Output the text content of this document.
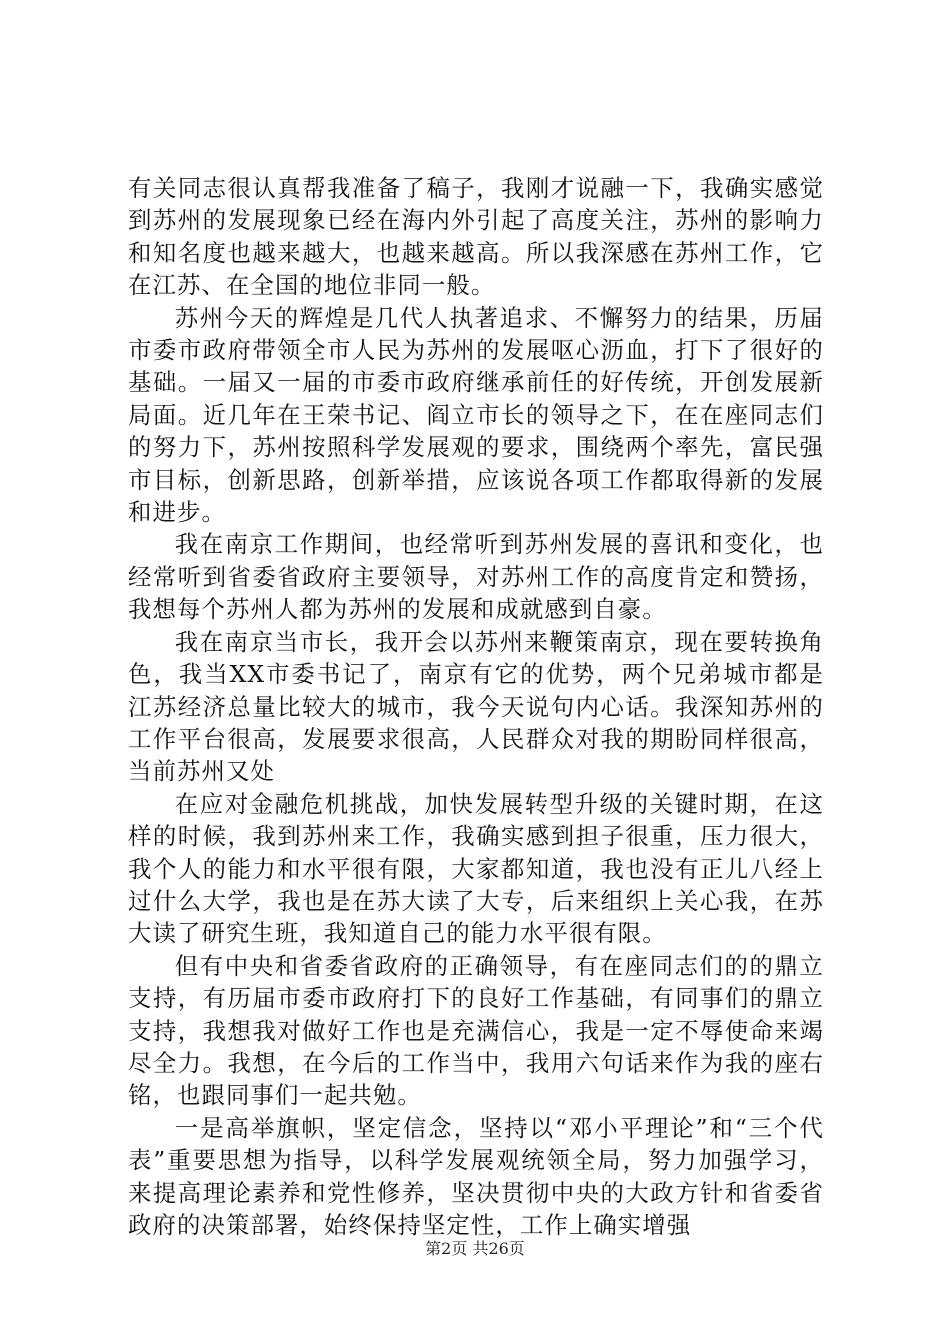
有关同志很认真帮我准备了稿子，我刚才说融一下，我确实感觉到苏州的发展现象已经在海内外引起了高度关注，苏州的影响力和知名度也越来越大，也越来越高。所以我深感在苏州工作，它在江苏、在全国的地位非同一般。

苏州今天的辉煌是几代人执著追求、不懈努力的结果，历届市委市政府带领全市人民为苏州的发展呕心沥血，打下了很好的基础。一届又一届的市委市政府继承前任的好传统，开创发展新局面。近几年在王荣书记、阎立市长的领导之下，在在座同志们的努力下，苏州按照科学发展观的要求，围绕两个率先，富民强市目标，创新思路，创新举措，应该说各项工作都取得新的发展和进步。

我在南京工作期间，也经常听到苏州发展的喜讯和变化，也经常听到省委省政府主要领导，对苏州工作的高度肯定和赞扬，我想每个苏州人都为苏州的发展和成就感到自豪。

我在南京当市长，我开会以苏州来鞭策南京，现在要转换角色，我当XX市委书记了，南京有它的优势，两个兄弟城市都是江苏经济总量比较大的城市，我今天说句内心话。我深知苏州的工作平台很高，发展要求很高，人民群众对我的期盼同样很高，当前苏州又处

在应对金融危机挑战，加快发展转型升级的关键时期，在这样的时候，我到苏州来工作，我确实感到担子很重，压力很大，我个人的能力和水平很有限，大家都知道，我也没有正儿八经上过什么大学，我也是在苏大读了大专，后来组织上关心我，在苏大读了研究生班，我知道自己的能力水平很有限。

但有中央和省委省政府的正确领导，有在座同志们的的鼎立支持，有历届市委市政府打下的良好工作基础，有同事们的鼎立支持，我想我对做好工作也是充满信心，我是一定不辱使命来竭尽全力。我想，在今后的工作当中，我用六句话来作为我的座右铭，也跟同事们一起共勉。

一是高举旗帜，坚定信念，坚持以“邓小平理论”和“三个代表”重要思想为指导，以科学发展观统领全局，努力加强学习，来提高理论素养和党性修养，坚决贯彻中央的大政方针和省委省政府的决策部署，始终保持坚定性，工作上确实增强

第2页 共26页
